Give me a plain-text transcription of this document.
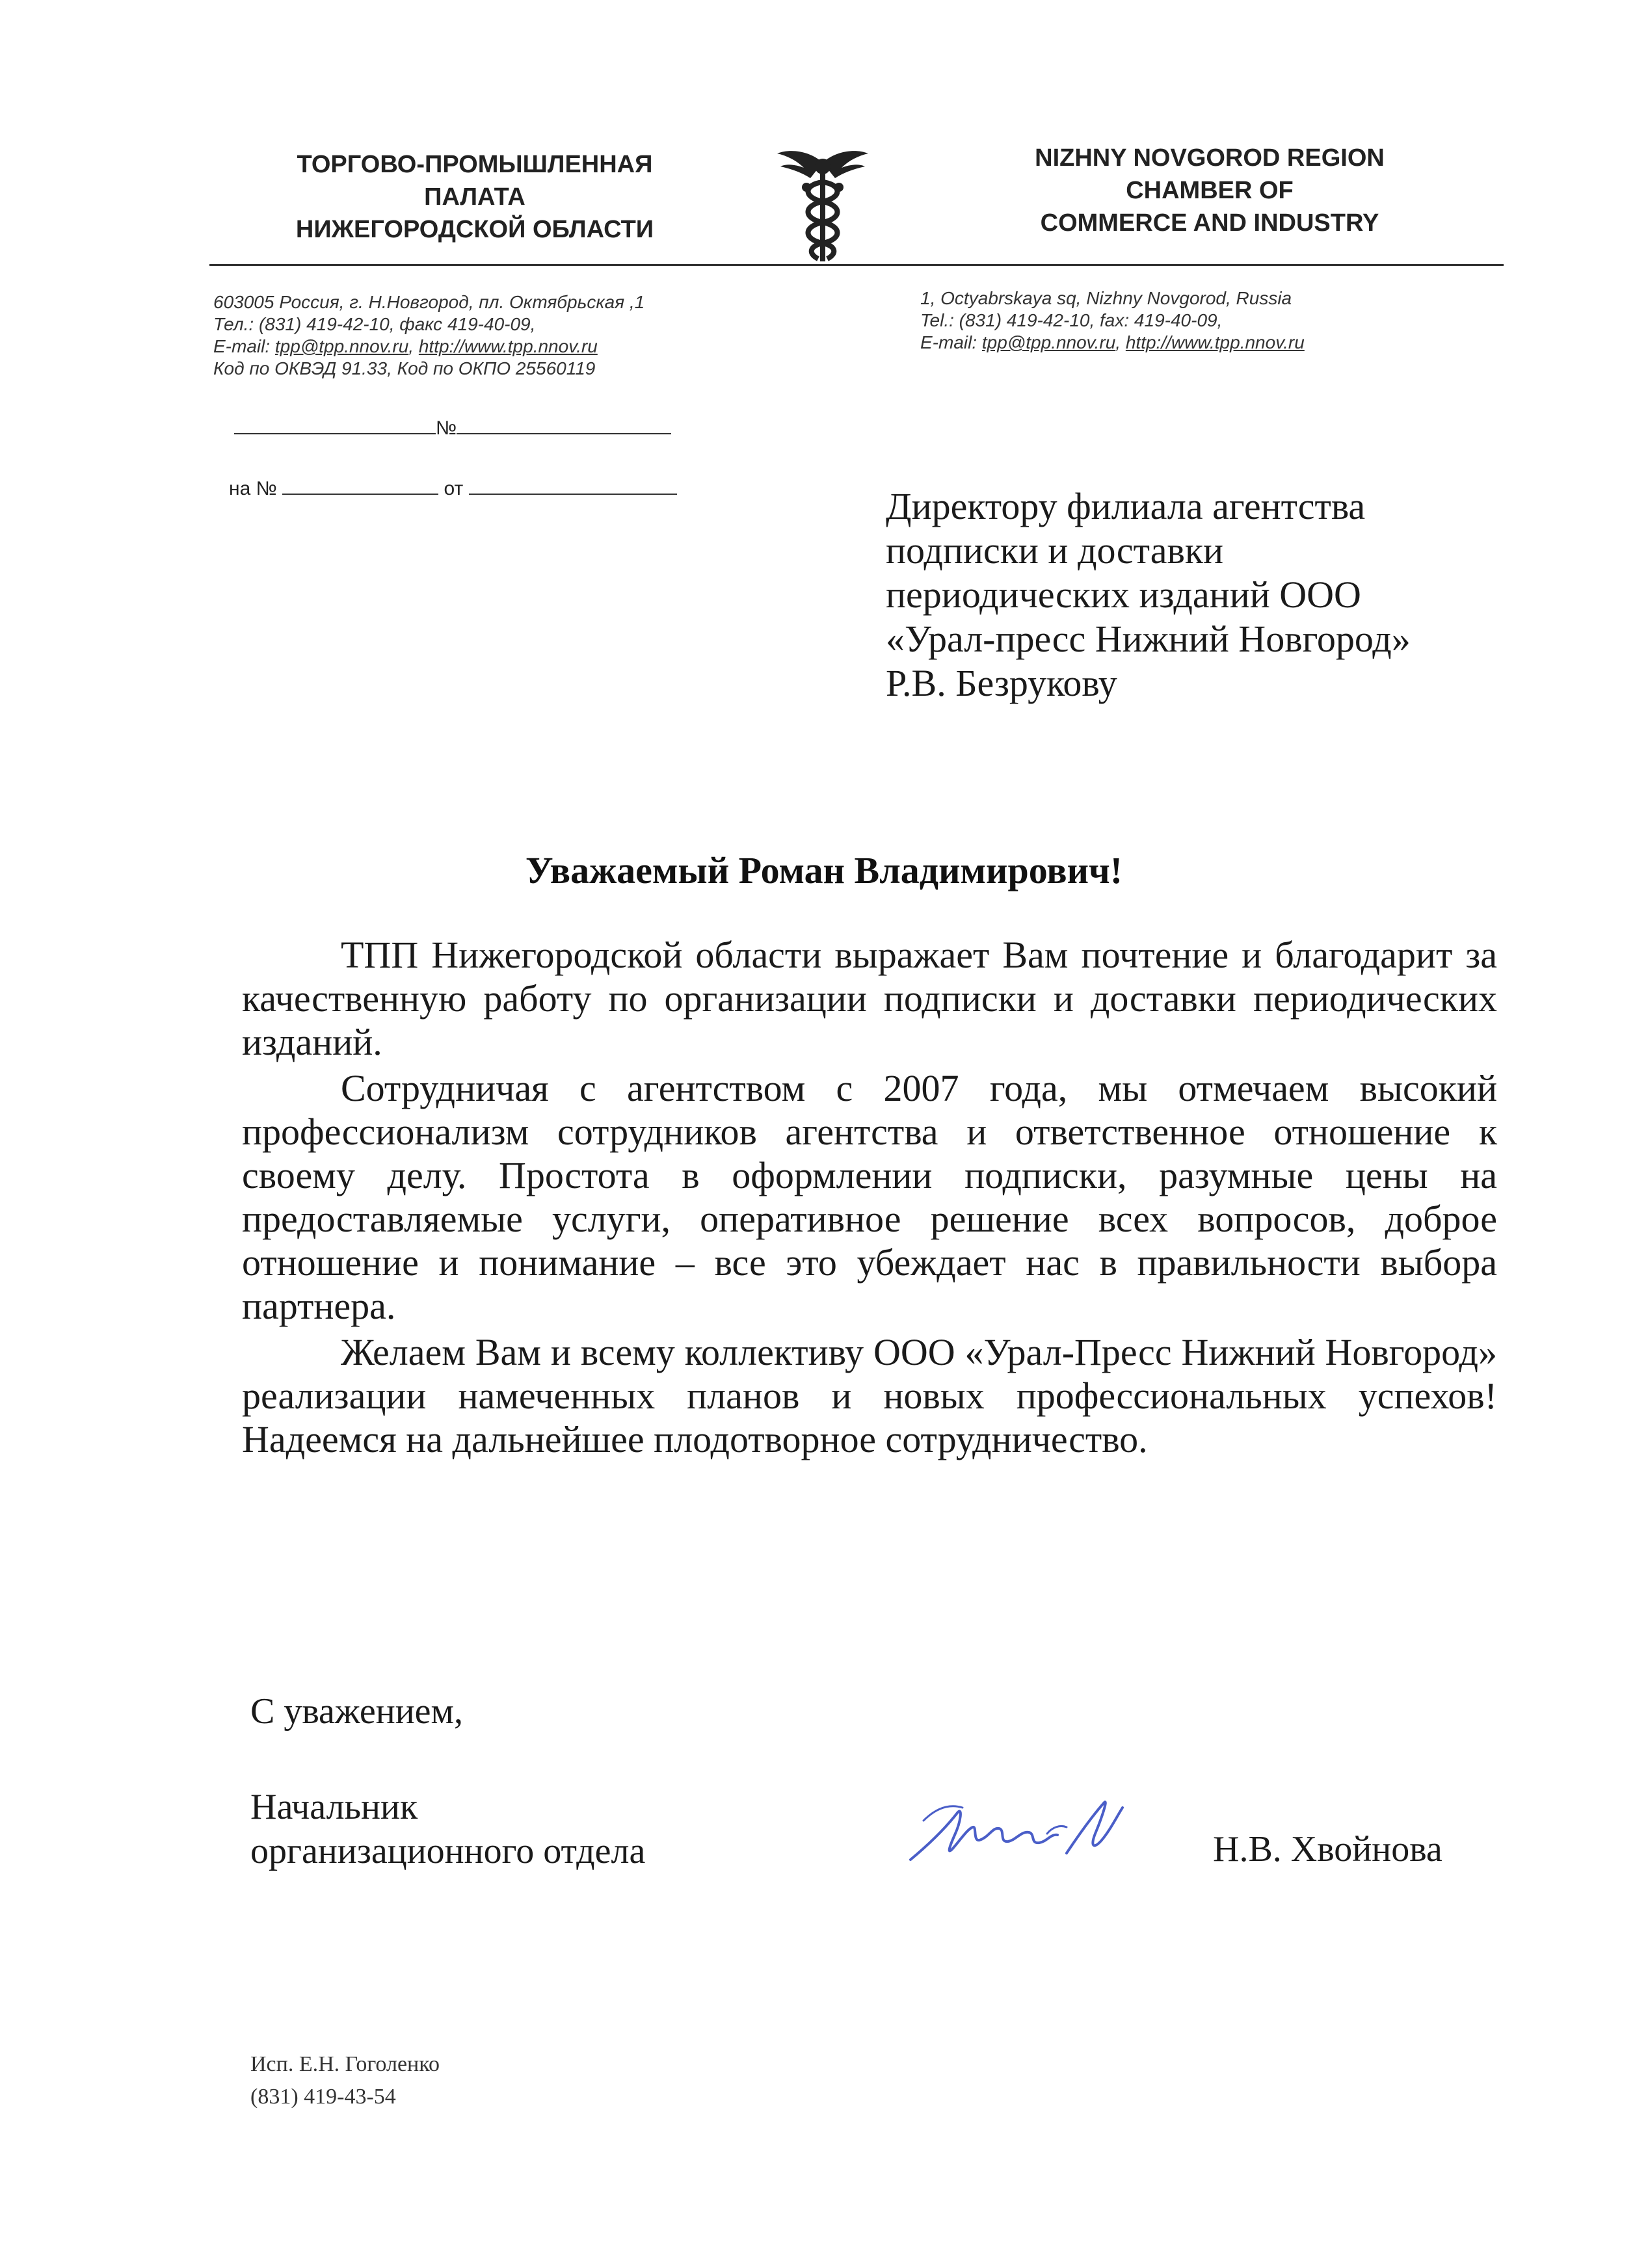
ТОРГОВО-ПРОМЫШЛЕННАЯ
ПАЛАТА
НИЖЕГОРОДСКОЙ ОБЛАСТИ
NIZHNY NOVGOROD REGION
CHAMBER OF
COMMERCE AND INDUSTRY
603005 Россия, г. Н.Новгород, пл. Октябрьская ,1
Тел.: (831) 419-42-10, факс 419-40-09,
E-mail: tpp@tpp.nnov.ru, http://www.tpp.nnov.ru
Код по ОКВЭД 91.33, Код по ОКПО 25560119
1, Octyabrskaya sq, Nizhny Novgorod, Russia
Tel.: (831) 419-42-10, fax: 419-40-09,
E-mail: tpp@tpp.nnov.ru, http://www.tpp.nnov.ru
№
на №	от	Директору филиала агентства
подписки и доставки
периодических изданий ООО
«Урал-пресс Нижний Новгород»
Р.В. Безрукову
Уважаемый Роман Владимирович!

ТПП Нижегородской области выражает Вам почтение и благодарит за качественную работу по организации подписки и доставки периодических изданий.

Сотрудничая с агентством с 2007 года, мы отмечаем высокий профессионализм сотрудников агентства и ответственное отношение к своему делу. Простота в оформлении подписки, разумные цены на предоставляемые услуги, оперативное решение всех вопросов, доброе отношение и понимание – все это убеждает нас в правильности выбора партнера.

Желаем Вам и всему коллективу ООО «Урал-Пресс Нижний Новгород» реализации намеченных планов и новых профессиональных успехов! Надеемся на дальнейшее плодотворное сотрудничество.

С уважением,
Начальник
организационного отдела	Н.В. Хвойнова
Исп. Е.Н. Гоголенко
(831) 419-43-54
